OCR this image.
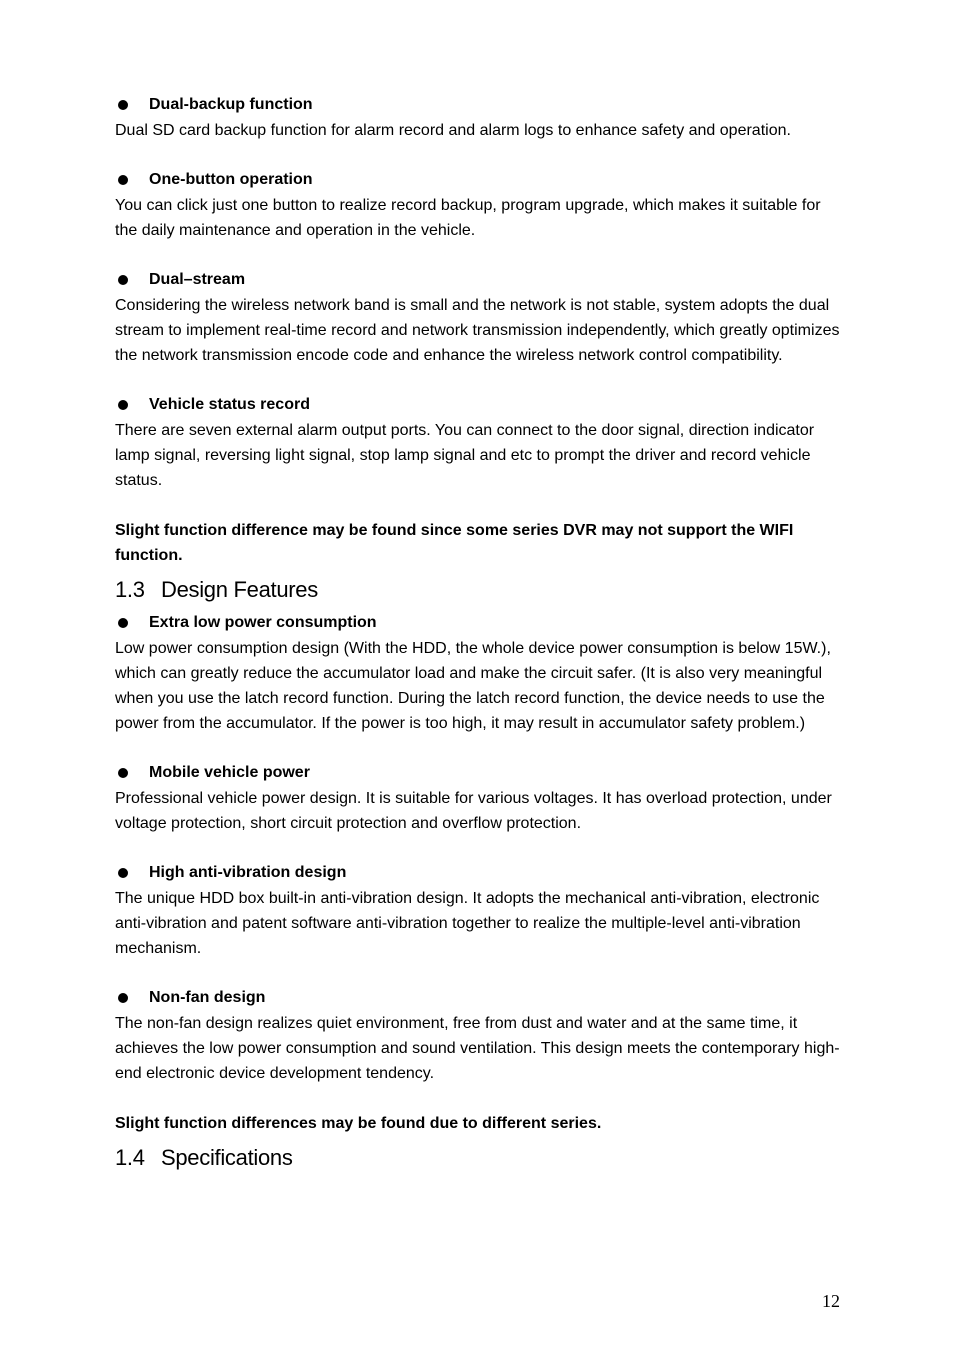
Dual-backup function
Dual SD card backup function for alarm record and alarm logs to enhance safety and operation.
One-button operation
You can click just one button to realize record backup, program upgrade, which makes it suitable for the daily maintenance and operation in the vehicle.
Dual–stream
Considering the wireless network band is small and the network is not stable, system adopts the dual stream to implement real-time record and network transmission independently, which greatly optimizes the network transmission encode code and enhance the wireless network control compatibility.
Vehicle status record
There are seven external alarm output ports. You can connect to the door signal, direction indicator lamp signal, reversing light signal, stop lamp signal and etc to prompt the driver and record vehicle status.
Slight function difference may be found since some series DVR may not support the WIFI function.
1.3 Design Features
Extra low power consumption
Low power consumption design (With the HDD, the whole device power consumption is below 15W.), which can greatly reduce the accumulator load and make the circuit safer. (It is also very meaningful when you use the latch record function. During the latch record function, the device needs to use the power from the accumulator. If the power is too high, it may result in accumulator safety problem.)
Mobile vehicle power
Professional vehicle power design. It is suitable for various voltages. It has overload protection, under voltage protection, short circuit protection and overflow protection.
High anti-vibration design
The unique HDD box built-in anti-vibration design. It adopts the mechanical anti-vibration, electronic anti-vibration and patent software anti-vibration together to realize the multiple-level anti-vibration mechanism.
Non-fan design
The non-fan design realizes quiet environment, free from dust and water and at the same time, it achieves the low power consumption and sound ventilation. This design meets the contemporary high-end electronic device development tendency.
Slight function differences may be found due to different series.
1.4 Specifications
12
